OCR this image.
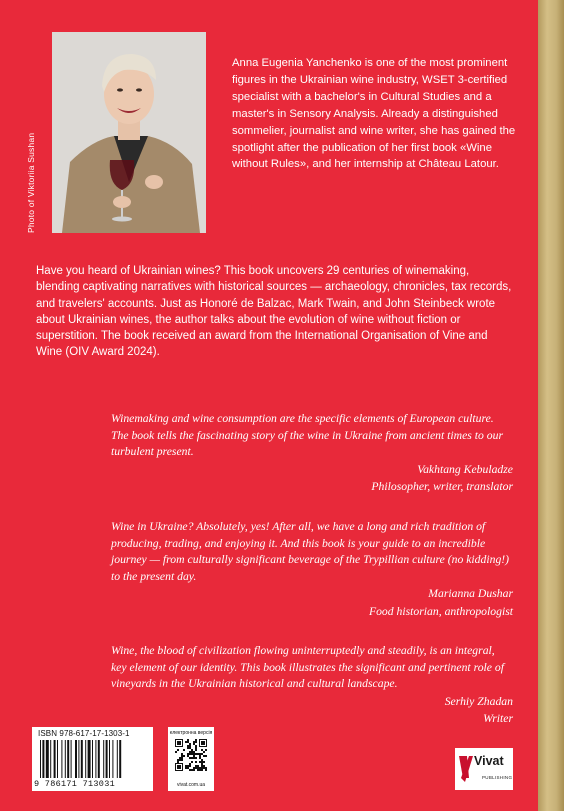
Photo of Viktoriia Sushan

Anna Eugenia Yanchenko is one of the most prominent figures in the Ukrainian wine industry, WSET 3-certified specialist with a bachelor's in Cultural Studies and a master's in Sensory Analysis. Already a distinguished sommelier, journalist and wine writer, she has gained the spotlight after the publication of her first book «Wine without Rules», and her internship at Château Latour.

Have you heard of Ukrainian wines? This book uncovers 29 centuries of winemaking, blending captivating narratives with historical sources — archaeology, chronicles, tax records, and travelers' accounts. Just as Honoré de Balzac, Mark Twain, and John Steinbeck wrote about Ukrainian wines, the author talks about the evolution of wine without fiction or superstition. The book received an award from the International Organisation of Vine and Wine (OIV Award 2024).

Winemaking and wine consumption are the specific elements of European culture. The book tells the fascinating story of the wine in Ukraine from ancient times to our turbulent present.

Vakhtang Kebuladze
Philosopher, writer, translator

Wine in Ukraine? Absolutely, yes! After all, we have a long and rich tradition of producing, trading, and enjoying it. And this book is your guide to an incredible journey — from culturally significant beverage of the Trypillian culture (no kidding!) to the present day.

Marianna Dushar
Food historian, anthropologist

Wine, the blood of civilization flowing uninterruptedly and steadily, is an integral, key element of our identity. This book illustrates the significant and pertinent role of vineyards in the Ukrainian historical and cultural landscape.

Serhiy Zhadan
Writer
ISBN 978-617-17-1303-1
9 786171 713031
електронна версія
vivat.com.ua
Vivat
PUBLISHING
